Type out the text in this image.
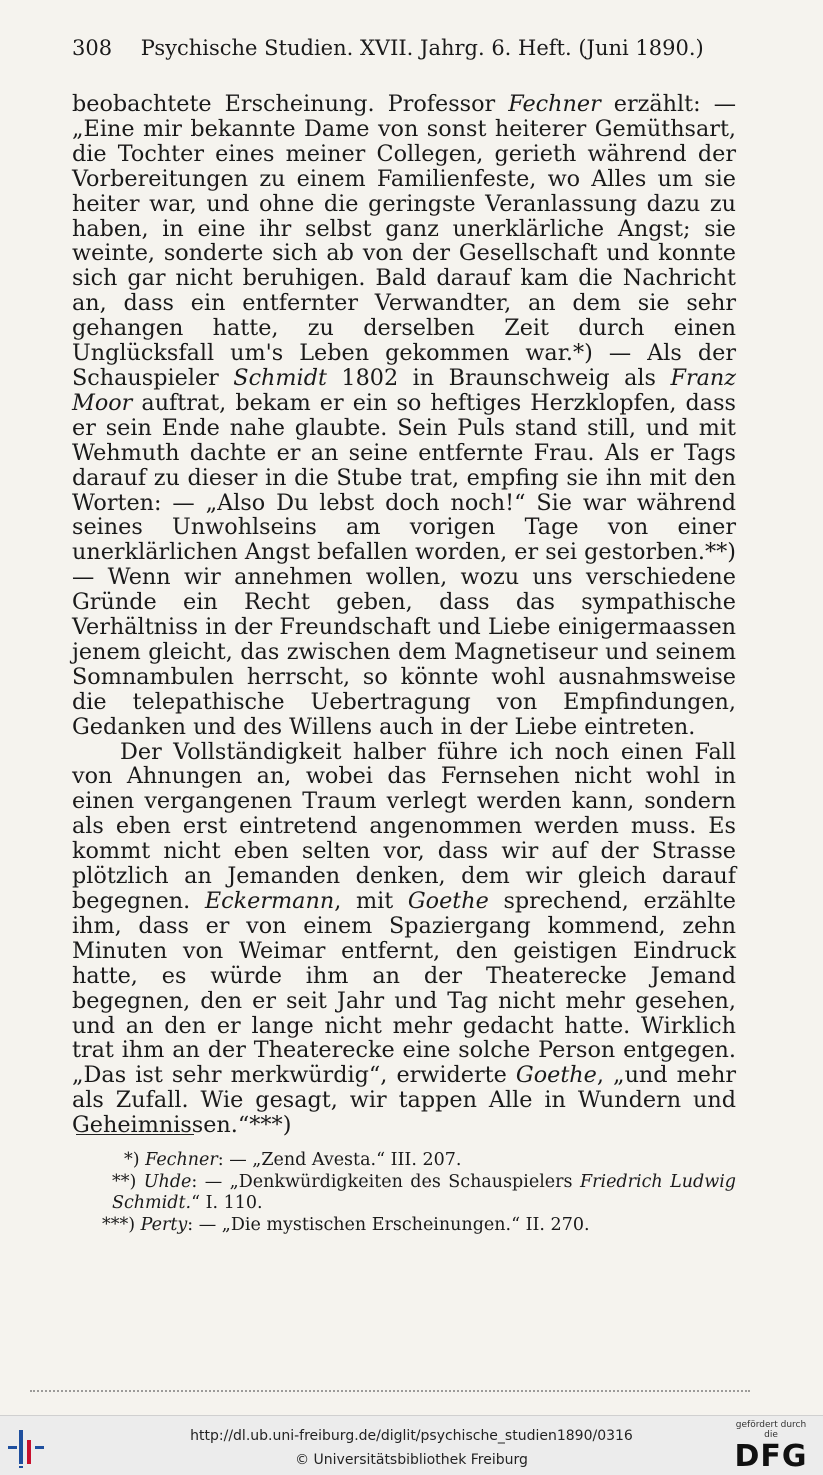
308 Psychische Studien. XVII. Jahrg. 6. Heft. (Juni 1890.)

beobachtete Erscheinung. Professor Fechner erzählt: — „Eine mir bekannte Dame von sonst heiterer Gemüthsart, die Tochter eines meiner Collegen, gerieth während der Vorbereitungen zu einem Familienfeste, wo Alles um sie heiter war, und ohne die geringste Veranlassung dazu zu haben, in eine ihr selbst ganz unerklärliche Angst; sie weinte, sonderte sich ab von der Gesellschaft und konnte sich gar nicht beruhigen. Bald darauf kam die Nachricht an, dass ein entfernter Verwandter, an dem sie sehr gehangen hatte, zu derselben Zeit durch einen Unglücksfall um's Leben gekommen war.*) — Als der Schauspieler Schmidt 1802 in Braunschweig als Franz Moor auftrat, bekam er ein so heftiges Herzklopfen, dass er sein Ende nahe glaubte. Sein Puls stand still, und mit Wehmuth dachte er an seine entfernte Frau. Als er Tags darauf zu dieser in die Stube trat, empfing sie ihn mit den Worten: — „Also Du lebst doch noch!“ Sie war während seines Unwohlseins am vorigen Tage von einer unerklärlichen Angst befallen worden, er sei gestorben.**) — Wenn wir annehmen wollen, wozu uns verschiedene Gründe ein Recht geben, dass das sympathische Verhältniss in der Freundschaft und Liebe einigermaassen jenem gleicht, das zwischen dem Magnetiseur und seinem Somnambulen herrscht, so könnte wohl ausnahmsweise die telepathische Uebertragung von Empfindungen, Gedanken und des Willens auch in der Liebe eintreten.

Der Vollständigkeit halber führe ich noch einen Fall von Ahnungen an, wobei das Fernsehen nicht wohl in einen vergangenen Traum verlegt werden kann, sondern als eben erst eintretend angenommen werden muss. Es kommt nicht eben selten vor, dass wir auf der Strasse plötzlich an Jemanden denken, dem wir gleich darauf begegnen. Eckermann, mit Goethe sprechend, erzählte ihm, dass er von einem Spaziergang kommend, zehn Minuten von Weimar entfernt, den geistigen Eindruck hatte, es würde ihm an der Theaterecke Jemand begegnen, den er seit Jahr und Tag nicht mehr gesehen, und an den er lange nicht mehr gedacht hatte. Wirklich trat ihm an der Theaterecke eine solche Person entgegen. „Das ist sehr merkwürdig“, erwiderte Goethe, „und mehr als Zufall. Wie gesagt, wir tappen Alle in Wundern und Geheimnissen.“***)

*) Fechner: — „Zend Avesta.“ III. 207.

**) Uhde: — „Denkwürdigkeiten des Schauspielers Friedrich Ludwig Schmidt.“ I. 110.

***) Perty: — „Die mystischen Erscheinungen.“ II. 270.

http://dl.ub.uni-freiburg.de/diglit/psychische_studien1890/0316
© Universitätsbibliothek Freiburg
gefördert durch die
DFG
